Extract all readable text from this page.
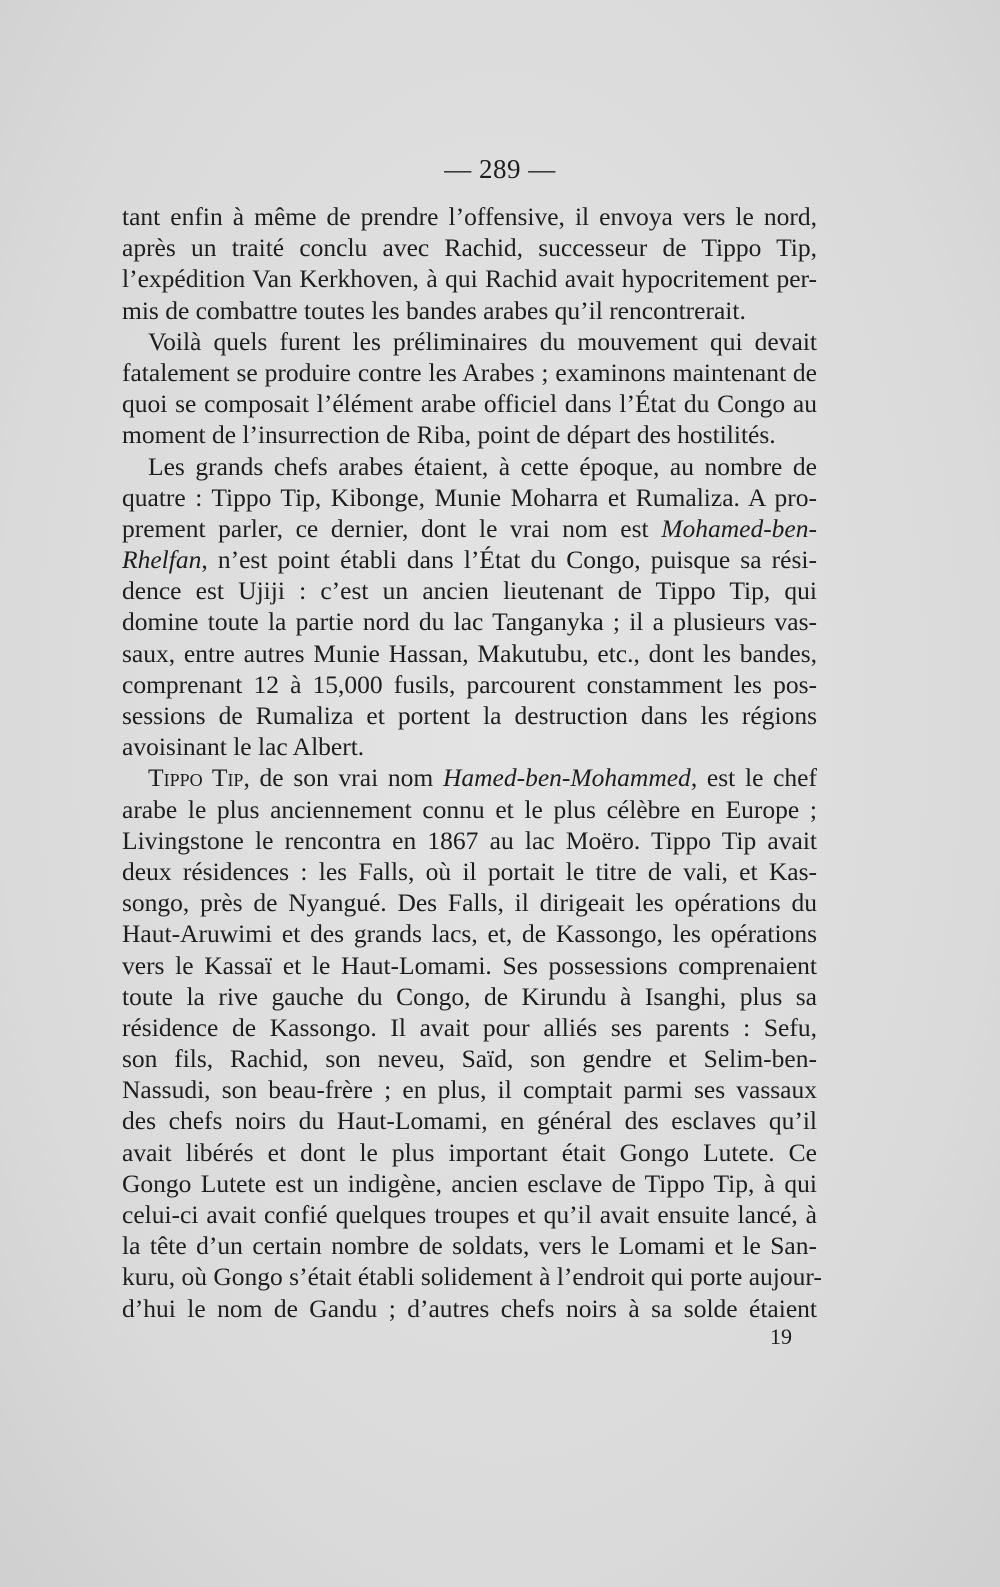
— 289 —
tant enfin à même de prendre l’offensive, il envoya vers le nord,
après un traité conclu avec Rachid, successeur de Tippo Tip,
l’expédition Van Kerkhoven, à qui Rachid avait hypocritement per-
mis de combattre toutes les bandes arabes qu’il rencontrerait.
Voilà quels furent les préliminaires du mouvement qui devait
fatalement se produire contre les Arabes ; examinons maintenant de
quoi se composait l’élément arabe officiel dans l’État du Congo au
moment de l’insurrection de Riba, point de départ des hostilités.
Les grands chefs arabes étaient, à cette époque, au nombre de
quatre : Tippo Tip, Kibonge, Munie Moharra et Rumaliza. A pro-
prement parler, ce dernier, dont le vrai nom est Mohamed-ben-
Rhelfan, n’est point établi dans l’État du Congo, puisque sa rési-
dence est Ujiji : c’est un ancien lieutenant de Tippo Tip, qui
domine toute la partie nord du lac Tanganyka ; il a plusieurs vas-
saux, entre autres Munie Hassan, Makutubu, etc., dont les bandes,
comprenant 12 à 15,000 fusils, parcourent constamment les pos-
sessions de Rumaliza et portent la destruction dans les régions
avoisinant le lac Albert.
Tippo Tip, de son vrai nom Hamed-ben-Mohammed, est le chef
arabe le plus anciennement connu et le plus célèbre en Europe ;
Livingstone le rencontra en 1867 au lac Moëro. Tippo Tip avait
deux résidences : les Falls, où il portait le titre de vali, et Kas-
songo, près de Nyangué. Des Falls, il dirigeait les opérations du
Haut-Aruwimi et des grands lacs, et, de Kassongo, les opérations
vers le Kassaï et le Haut-Lomami. Ses possessions comprenaient
toute la rive gauche du Congo, de Kirundu à Isanghi, plus sa
résidence de Kassongo. Il avait pour alliés ses parents : Sefu,
son fils, Rachid, son neveu, Saïd, son gendre et Selim-ben-
Nassudi, son beau-frère ; en plus, il comptait parmi ses vassaux
des chefs noirs du Haut-Lomami, en général des esclaves qu’il
avait libérés et dont le plus important était Gongo Lutete. Ce
Gongo Lutete est un indigène, ancien esclave de Tippo Tip, à qui
celui-ci avait confié quelques troupes et qu’il avait ensuite lancé, à
la tête d’un certain nombre de soldats, vers le Lomami et le San-
kuru, où Gongo s’était établi solidement à l’endroit qui porte aujour-
d’hui le nom de Gandu ; d’autres chefs noirs à sa solde étaient
19
